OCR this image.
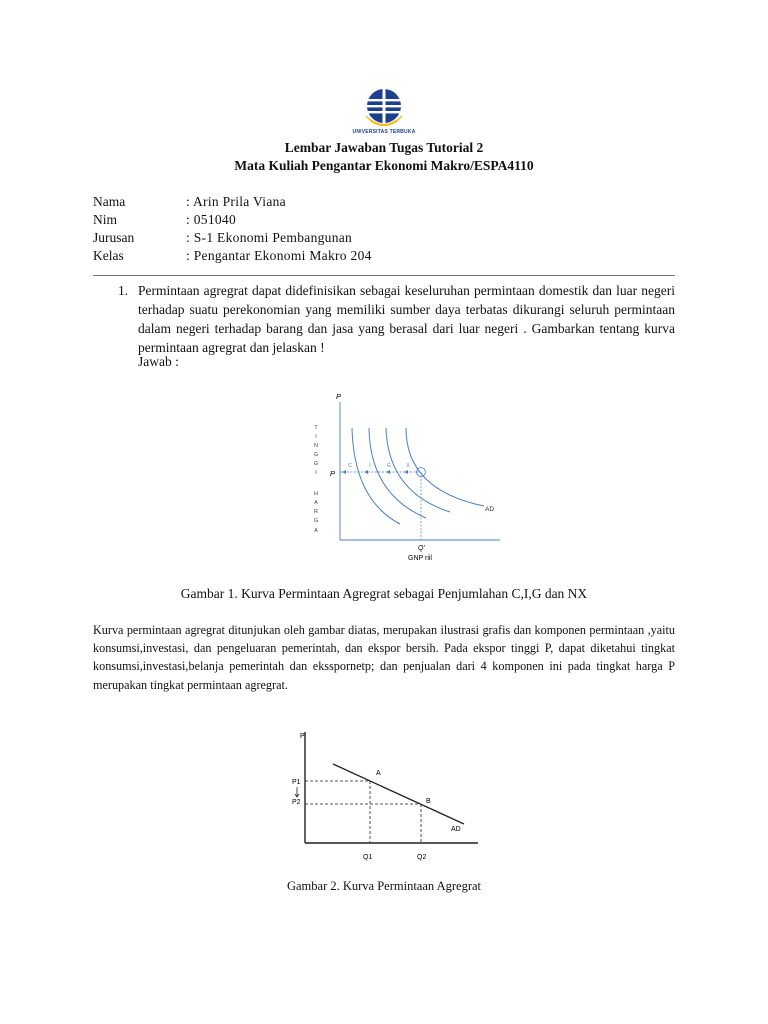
UNIVERSITAS TERBUKA
Lembar Jawaban Tugas Tutorial 2
Mata Kuliah Pengantar Ekonomi Makro/ESPA4110
Nama	: Arin Prila Viana
Nim	: 051040
Jurusan	: S-1 Ekonomi Pembangunan
Kelas	: Pengantar Ekonomi Makro 204
1. Permintaan agregrat dapat didefinisikan sebagai keseluruhan permintaan domestik dan luar negeri terhadap suatu perekonomian yang memiliki sumber daya terbatas dikurangi seluruh permintaan dalam negeri terhadap barang dan jasa yang berasal dari luar negeri . Gambarkan tentang kurva permintaan agregrat dan jelaskan !
Jawab :
P
T
I
N
G
G
I
H
A
R
G
A
P
C	I	G	X
AD
Q'
GNP riil
Gambar 1. Kurva Permintaan Agregrat sebagai Penjumlahan C,I,G dan NX
Kurva permintaan agregrat ditunjukan oleh gambar diatas, merupakan ilustrasi grafis dan komponen permintaan ,yaitu konsumsi,investasi, dan pengeluaran pemerintah, dan ekspor bersih. Pada ekspor tinggi P, dapat diketahui tingkat konsumsi,investasi,belanja pemerintah dan eksspornetp; dan penjualan dari 4 komponen ini pada tingkat harga P merupakan tingkat permintaan agregrat.
P
P1
P2
A
B
AD
Q1	Q2
Gambar 2. Kurva Permintaan Agregrat
